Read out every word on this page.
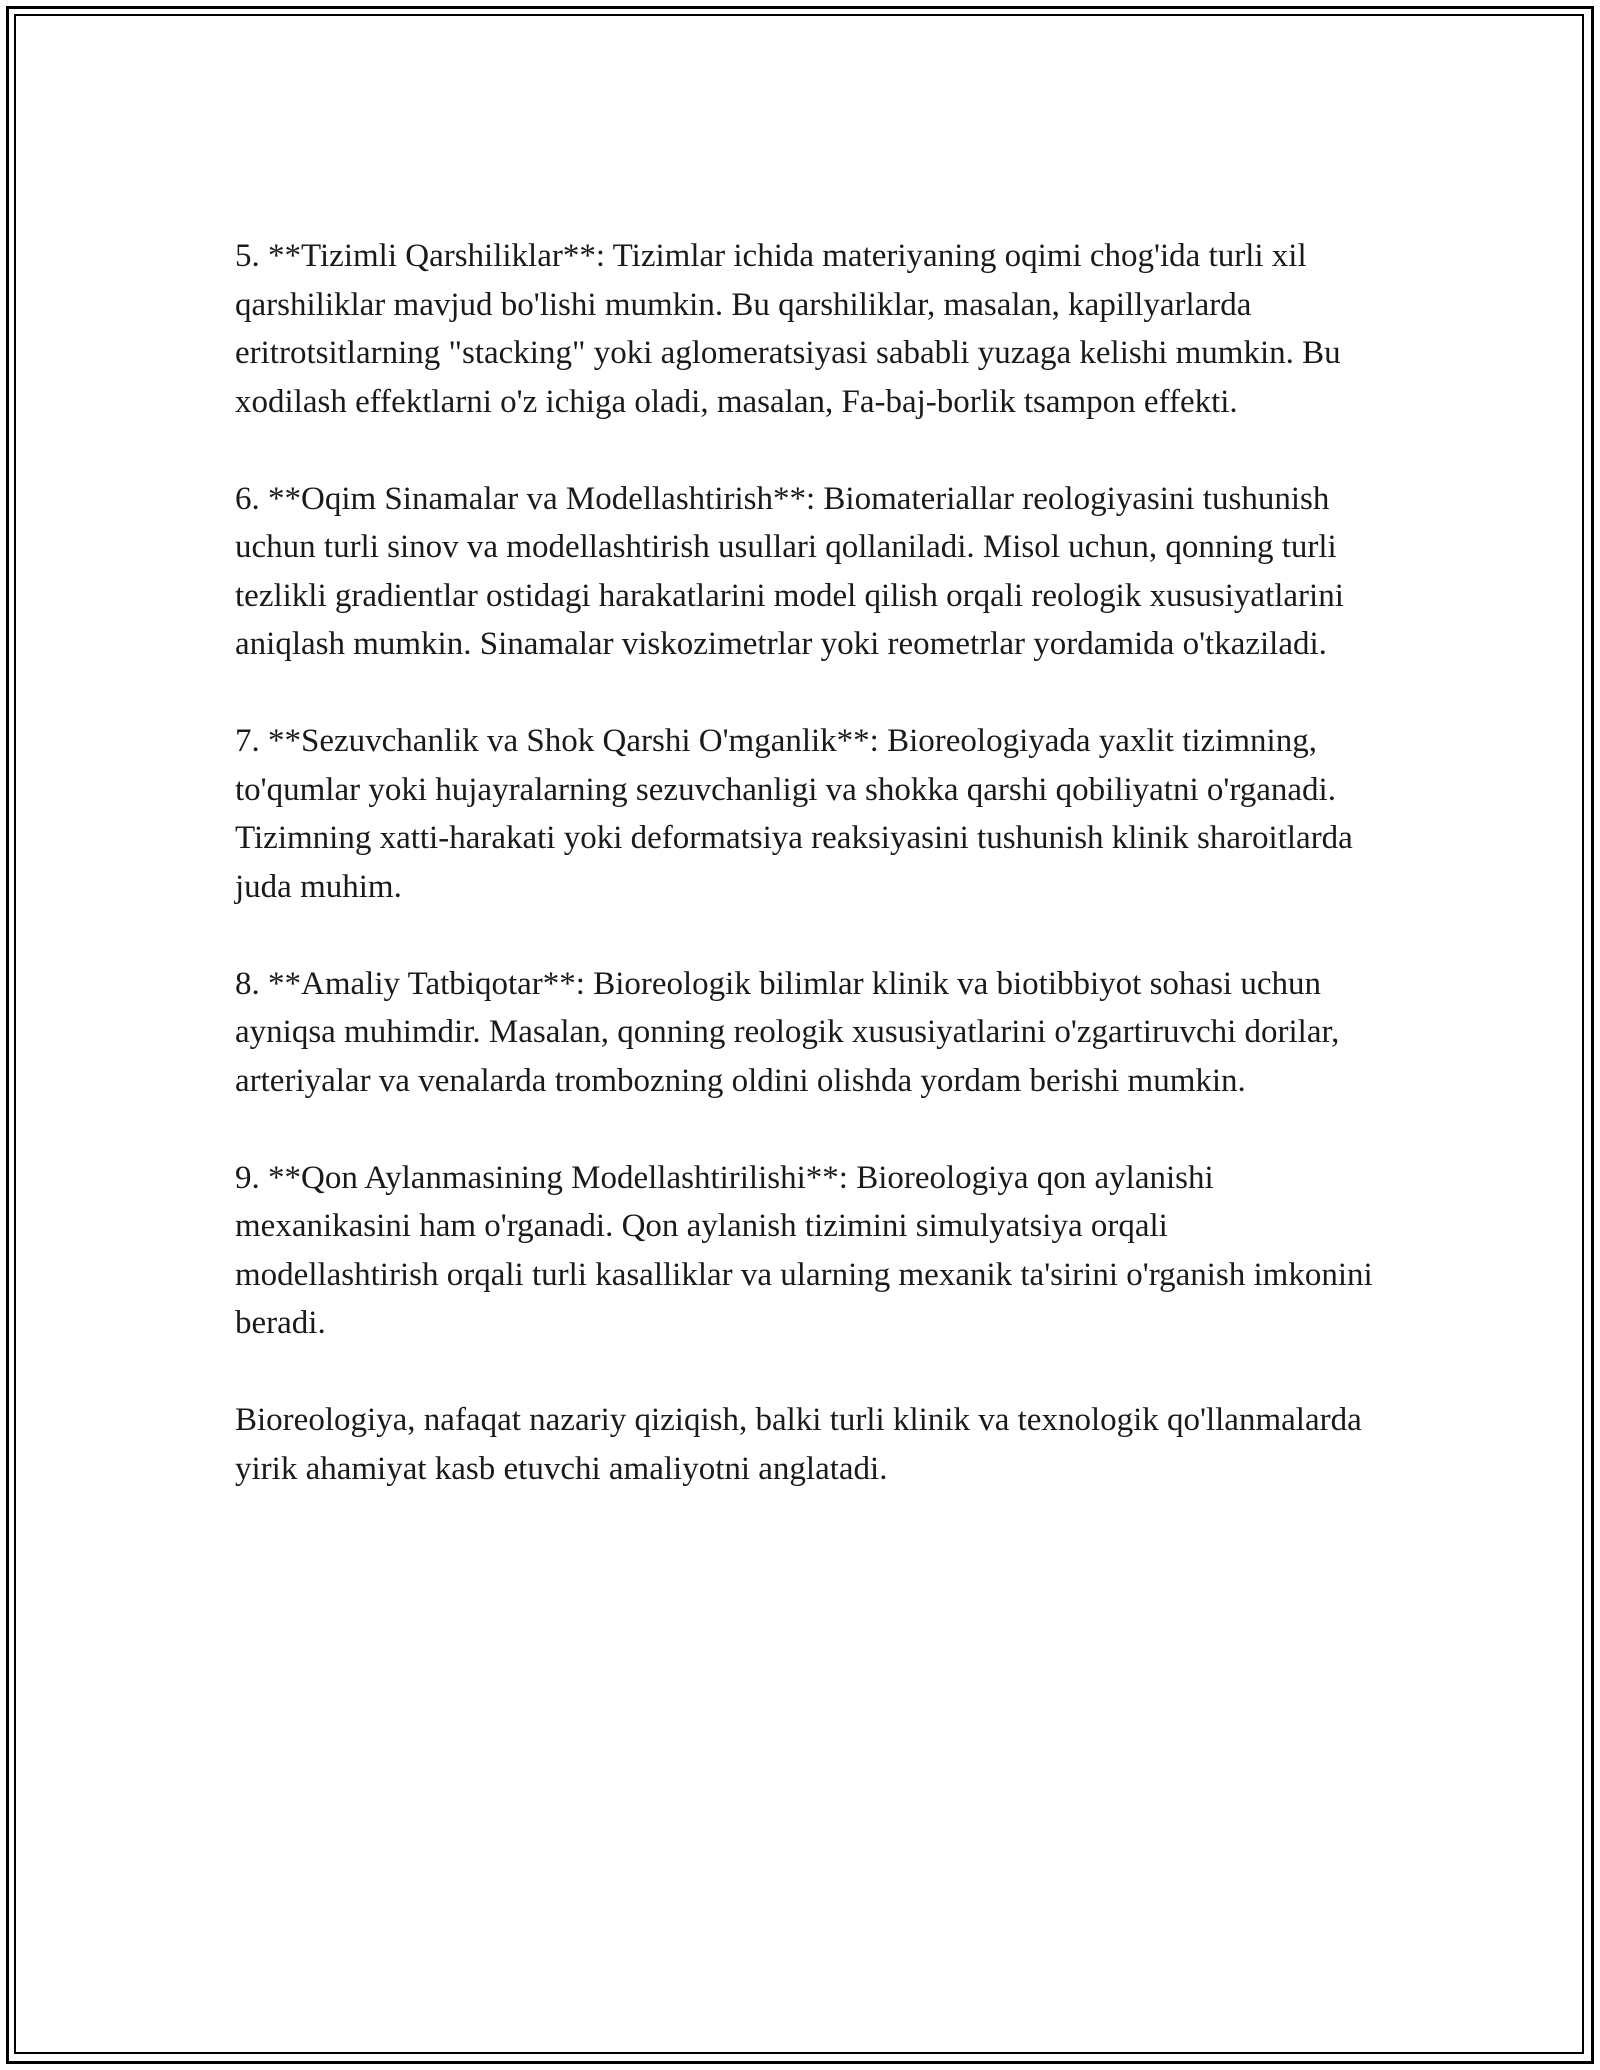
5. **Tizimli Qarshiliklar**: Tizimlar ichida materiyaning oqimi chog'ida turli xil qarshiliklar mavjud bo'lishi mumkin. Bu qarshiliklar, masalan, kapillyarlarda eritrotsitlarning "stacking" yoki aglomeratsiyasi sababli yuzaga kelishi mumkin. Bu xodilash effektlarni o'z ichiga oladi, masalan, Fa-baj-borlik tsampon effekti.

6. **Oqim Sinamalar va Modellashtirish**: Biomateriallar reologiyasini tushunish uchun turli sinov va modellashtirish usullari qollaniladi. Misol uchun, qonning turli tezlikli gradientlar ostidagi harakatlarini model qilish orqali reologik xususiyatlarini aniqlash mumkin. Sinamalar viskozimetrlar yoki reometrlar yordamida o'tkaziladi.

7. **Sezuvchanlik va Shok Qarshi O'mganlik**: Bioreologiyada yaxlit tizimning, to'qumlar yoki hujayralarning sezuvchanligi va shokka qarshi qobiliyatni o'rganadi. Tizimning xatti-harakati yoki deformatsiya reaksiyasini tushunish klinik sharoitlarda juda muhim.

8. **Amaliy Tatbiqotar**: Bioreologik bilimlar klinik va biotibbiyot sohasi uchun ayniqsa muhimdir. Masalan, qonning reologik xususiyatlarini o'zgartiruvchi dorilar, arteriyalar va venalarda trombozning oldini olishda yordam berishi mumkin.

9. **Qon Aylanmasining Modellashtirilishi**: Bioreologiya qon aylanishi mexanikasini ham o'rganadi. Qon aylanish tizimini simulyatsiya orqali modellashtirish orqali turli kasalliklar va ularning mexanik ta'sirini o'rganish imkonini beradi.

Bioreologiya, nafaqat nazariy qiziqish, balki turli klinik va texnologik qo'llanmalarda yirik ahamiyat kasb etuvchi amaliyotni anglatadi.
